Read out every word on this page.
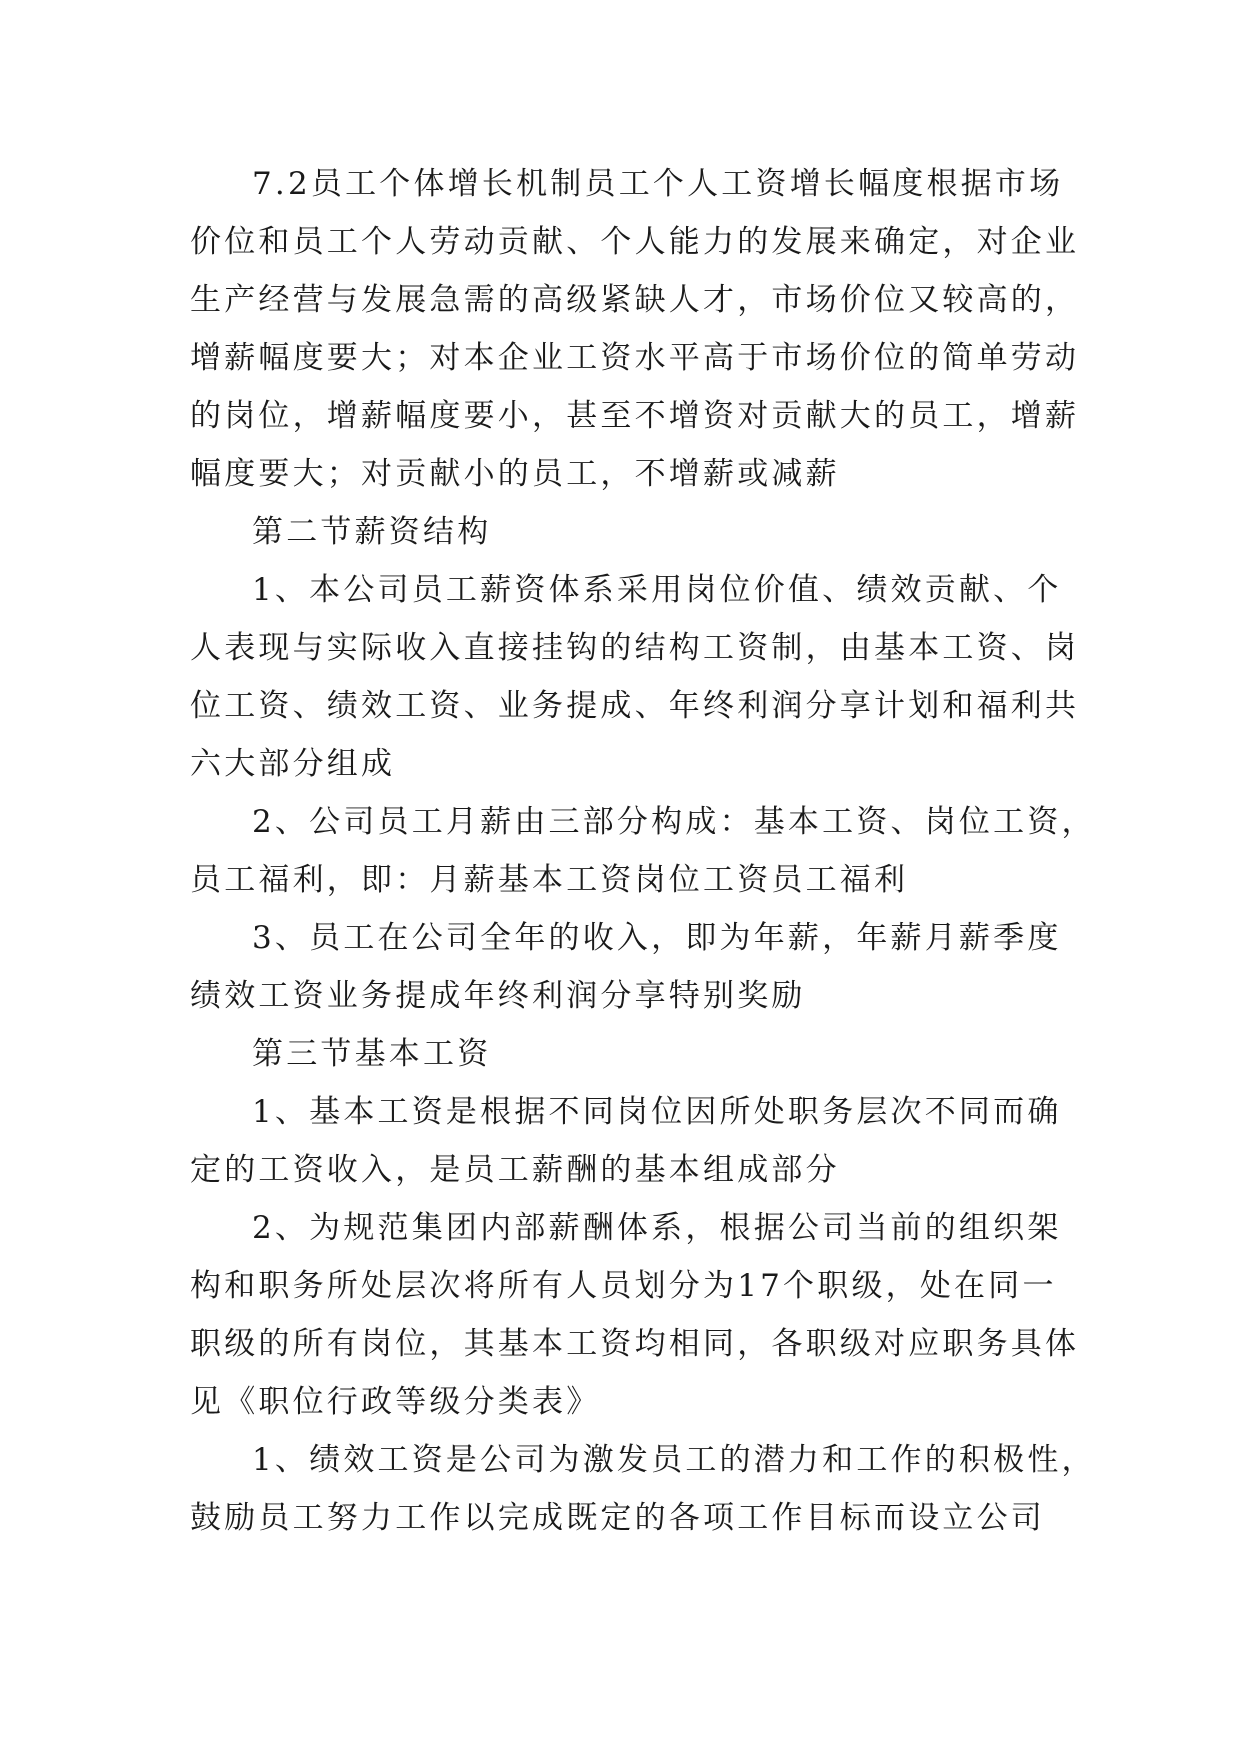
7.2员工个体增长机制员工个人工资增长幅度根据市场
价位和员工个人劳动贡献、个人能力的发展来确定，对企业
生产经营与发展急需的高级紧缺人才，市场价位又较高的，
增薪幅度要大；对本企业工资水平高于市场价位的简单劳动
的岗位，增薪幅度要小，甚至不增资对贡献大的员工，增薪
幅度要大；对贡献小的员工，不增薪或减薪
第二节薪资结构
1、本公司员工薪资体系采用岗位价值、绩效贡献、个
人表现与实际收入直接挂钩的结构工资制，由基本工资、岗
位工资、绩效工资、业务提成、年终利润分享计划和福利共
六大部分组成
2、公司员工月薪由三部分构成：基本工资、岗位工资，
员工福利，即：月薪基本工资岗位工资员工福利
3、员工在公司全年的收入，即为年薪，年薪月薪季度
绩效工资业务提成年终利润分享特别奖励
第三节基本工资
1、基本工资是根据不同岗位因所处职务层次不同而确
定的工资收入，是员工薪酬的基本组成部分
2、为规范集团内部薪酬体系，根据公司当前的组织架
构和职务所处层次将所有人员划分为17个职级，处在同一
职级的所有岗位，其基本工资均相同，各职级对应职务具体
见《职位行政等级分类表》
1、绩效工资是公司为激发员工的潜力和工作的积极性，
鼓励员工努力工作以完成既定的各项工作目标而设立公司
